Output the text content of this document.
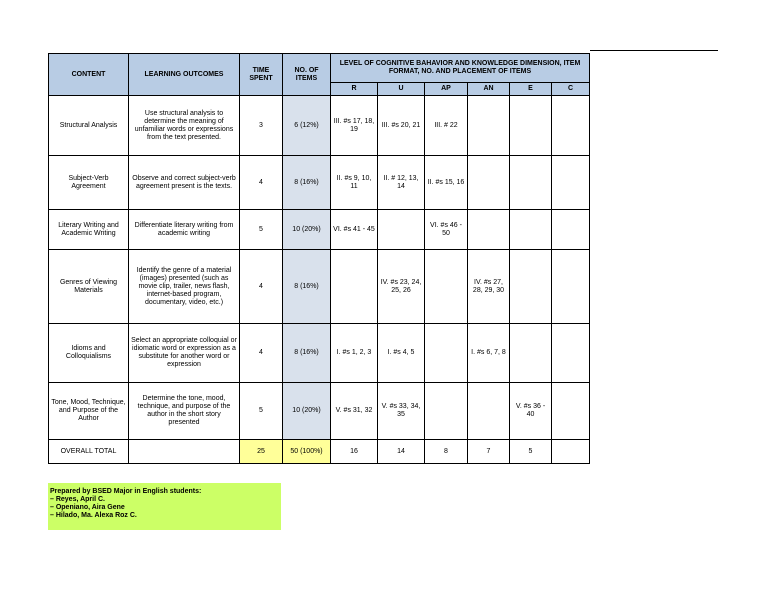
CONTENT	LEARNING OUTCOMES	TIME SPENT	NO. OF ITEMS	LEVEL OF COGNITIVE BAHAVIOR AND KNOWLEDGE DIMENSION, ITEM FORMAT, NO. AND PLACEMENT OF ITEMS					
				R	U	AP	AN	E	C
Structural Analysis	Use structural analysis to determine the meaning of unfamiliar words or expressions from the text presented.	3	6 (12%)	III. #s 17, 18, 19	III. #s 20, 21	III. # 22			
Subject-Verb Agreement	Observe and correct subject-verb agreement present is the texts.	4	8 (16%)	II. #s 9, 10, 11	II. # 12, 13, 14	II. #s 15, 16			
Literary Writing and Academic Writing	Differentiate literary writing from academic writing	5	10 (20%)	VI. #s 41 - 45		VI. #s 46 - 50			
Genres of Viewing Materials	Identify the genre of a material (images) presented (such as movie clip, trailer, news flash, internet-based program, documentary, video, etc.)	4	8 (16%)		IV. #s 23, 24, 25, 26		IV. #s 27, 28, 29, 30		
Idioms and Colloquialisms	Select an appropriate colloquial or idiomatic word or expression as a substitute for another word or expression	4	8 (16%)	I. #s 1, 2, 3	I. #s 4, 5		I. #s 6, 7, 8		
Tone, Mood, Technique, and Purpose of the Author	Determine the tone, mood, technique, and purpose of the author in the short story presented	5	10 (20%)	V. #s 31, 32	V. #s 33, 34, 35			V. #s 36 - 40	
OVERALL TOTAL		25	50 (100%)	16	14	8	7	5	
Prepared by BSED Major in English students:
– Reyes, April C.
– Openiano, Aira Gene
– Hilado, Ma. Alexa Roz C.
